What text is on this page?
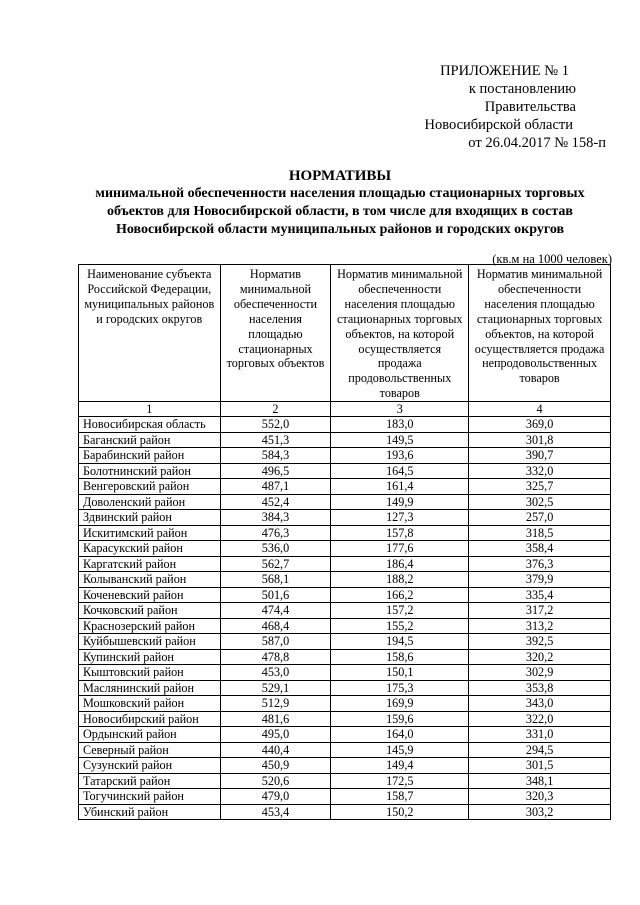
ПРИЛОЖЕНИЕ № 1
к постановлению Правительства
Новосибирской области
от 26.04.2017 № 158-п
НОРМАТИВЫ
минимальной обеспеченности населения площадью стационарных торговых
объектов для Новосибирской области, в том числе для входящих в состав
Новосибирской области муниципальных районов и городских округов
(кв.м на 1000 человек)
Наименование субъекта Российской Федерации, муниципальных районов и городских округов	Норматив минимальной обеспеченности населения площадью стационарных торговых объектов	Норматив минимальной обеспеченности населения площадью стационарных торговых объектов, на которой осуществляется продажа продовольственных товаров	Норматив минимальной обеспеченности населения площадью стационарных торговых объектов, на которой осуществляется продажа непродовольственных товаров
1	2	3	4
Новосибирская область	552,0	183,0	369,0
Баганский район	451,3	149,5	301,8
Барабинский район	584,3	193,6	390,7
Болотнинский район	496,5	164,5	332,0
Венгеровский район	487,1	161,4	325,7
Доволенский район	452,4	149,9	302,5
Здвинский район	384,3	127,3	257,0
Искитимский район	476,3	157,8	318,5
Карасукский район	536,0	177,6	358,4
Каргатский район	562,7	186,4	376,3
Колыванский район	568,1	188,2	379,9
Коченевский район	501,6	166,2	335,4
Кочковский район	474,4	157,2	317,2
Краснозерский район	468,4	155,2	313,2
Куйбышевский район	587,0	194,5	392,5
Купинский район	478,8	158,6	320,2
Кыштовский район	453,0	150,1	302,9
Маслянинский район	529,1	175,3	353,8
Мошковский район	512,9	169,9	343,0
Новосибирский район	481,6	159,6	322,0
Ордынский район	495,0	164,0	331,0
Северный район	440,4	145,9	294,5
Сузунский район	450,9	149,4	301,5
Татарский район	520,6	172,5	348,1
Тогучинский район	479,0	158,7	320,3
Убинский район	453,4	150,2	303,2
